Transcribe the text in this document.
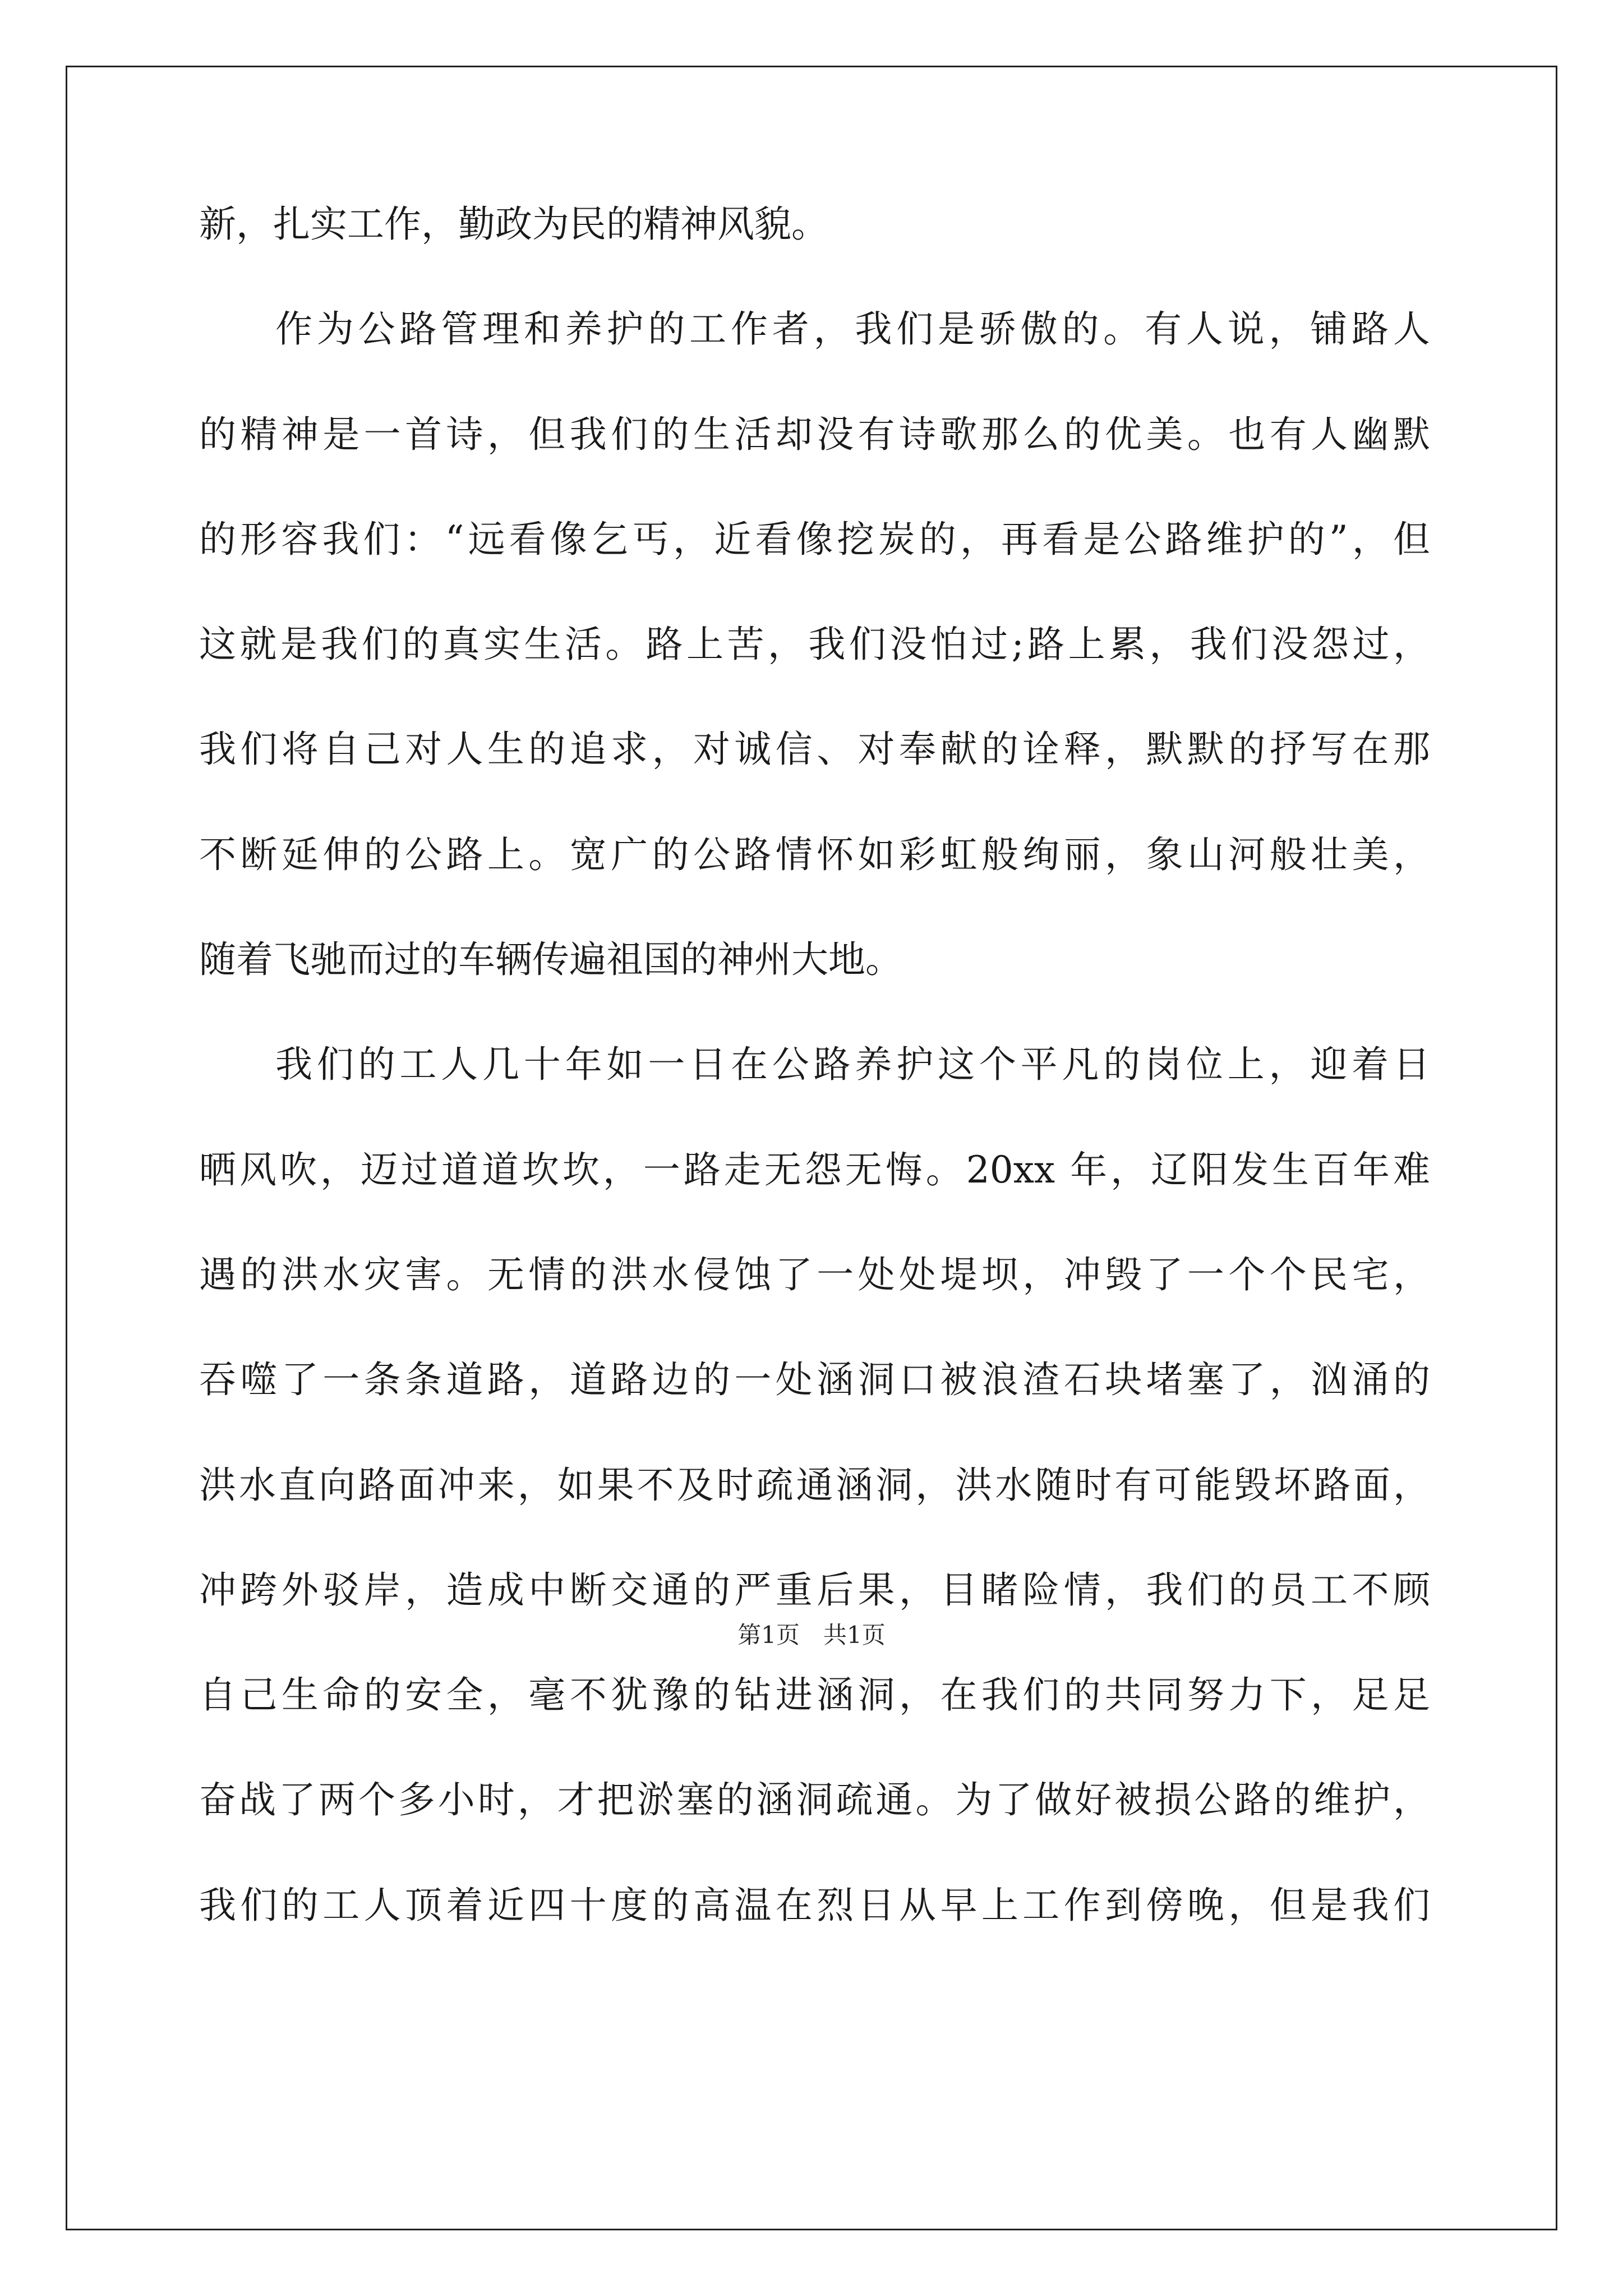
新，扎实工作，勤政为民的精神风貌。
作为公路管理和养护的工作者，我们是骄傲的。有人说，铺路人
的精神是一首诗，但我们的生活却没有诗歌那么的优美。也有人幽默
的形容我们：“远看像乞丐，近看像挖炭的，再看是公路维护的”，但
这就是我们的真实生活。路上苦，我们没怕过;路上累，我们没怨过，
我们将自己对人生的追求，对诚信、对奉献的诠释，默默的抒写在那
不断延伸的公路上。宽广的公路情怀如彩虹般绚丽，象山河般壮美，
随着飞驰而过的车辆传遍祖国的神州大地。
我们的工人几十年如一日在公路养护这个平凡的岗位上，迎着日
晒风吹，迈过道道坎坎，一路走无怨无悔。20xx 年，辽阳发生百年难
遇的洪水灾害。无情的洪水侵蚀了一处处堤坝，冲毁了一个个民宅，
吞噬了一条条道路，道路边的一处涵洞口被浪渣石块堵塞了，汹涌的
洪水直向路面冲来，如果不及时疏通涵洞，洪水随时有可能毁坏路面，
冲跨外驳岸，造成中断交通的严重后果，目睹险情，我们的员工不顾
自己生命的安全，毫不犹豫的钻进涵洞，在我们的共同努力下，足足
奋战了两个多小时，才把淤塞的涵洞疏通。为了做好被损公路的维护，
我们的工人顶着近四十度的高温在烈日从早上工作到傍晚，但是我们
第1页　共1页
